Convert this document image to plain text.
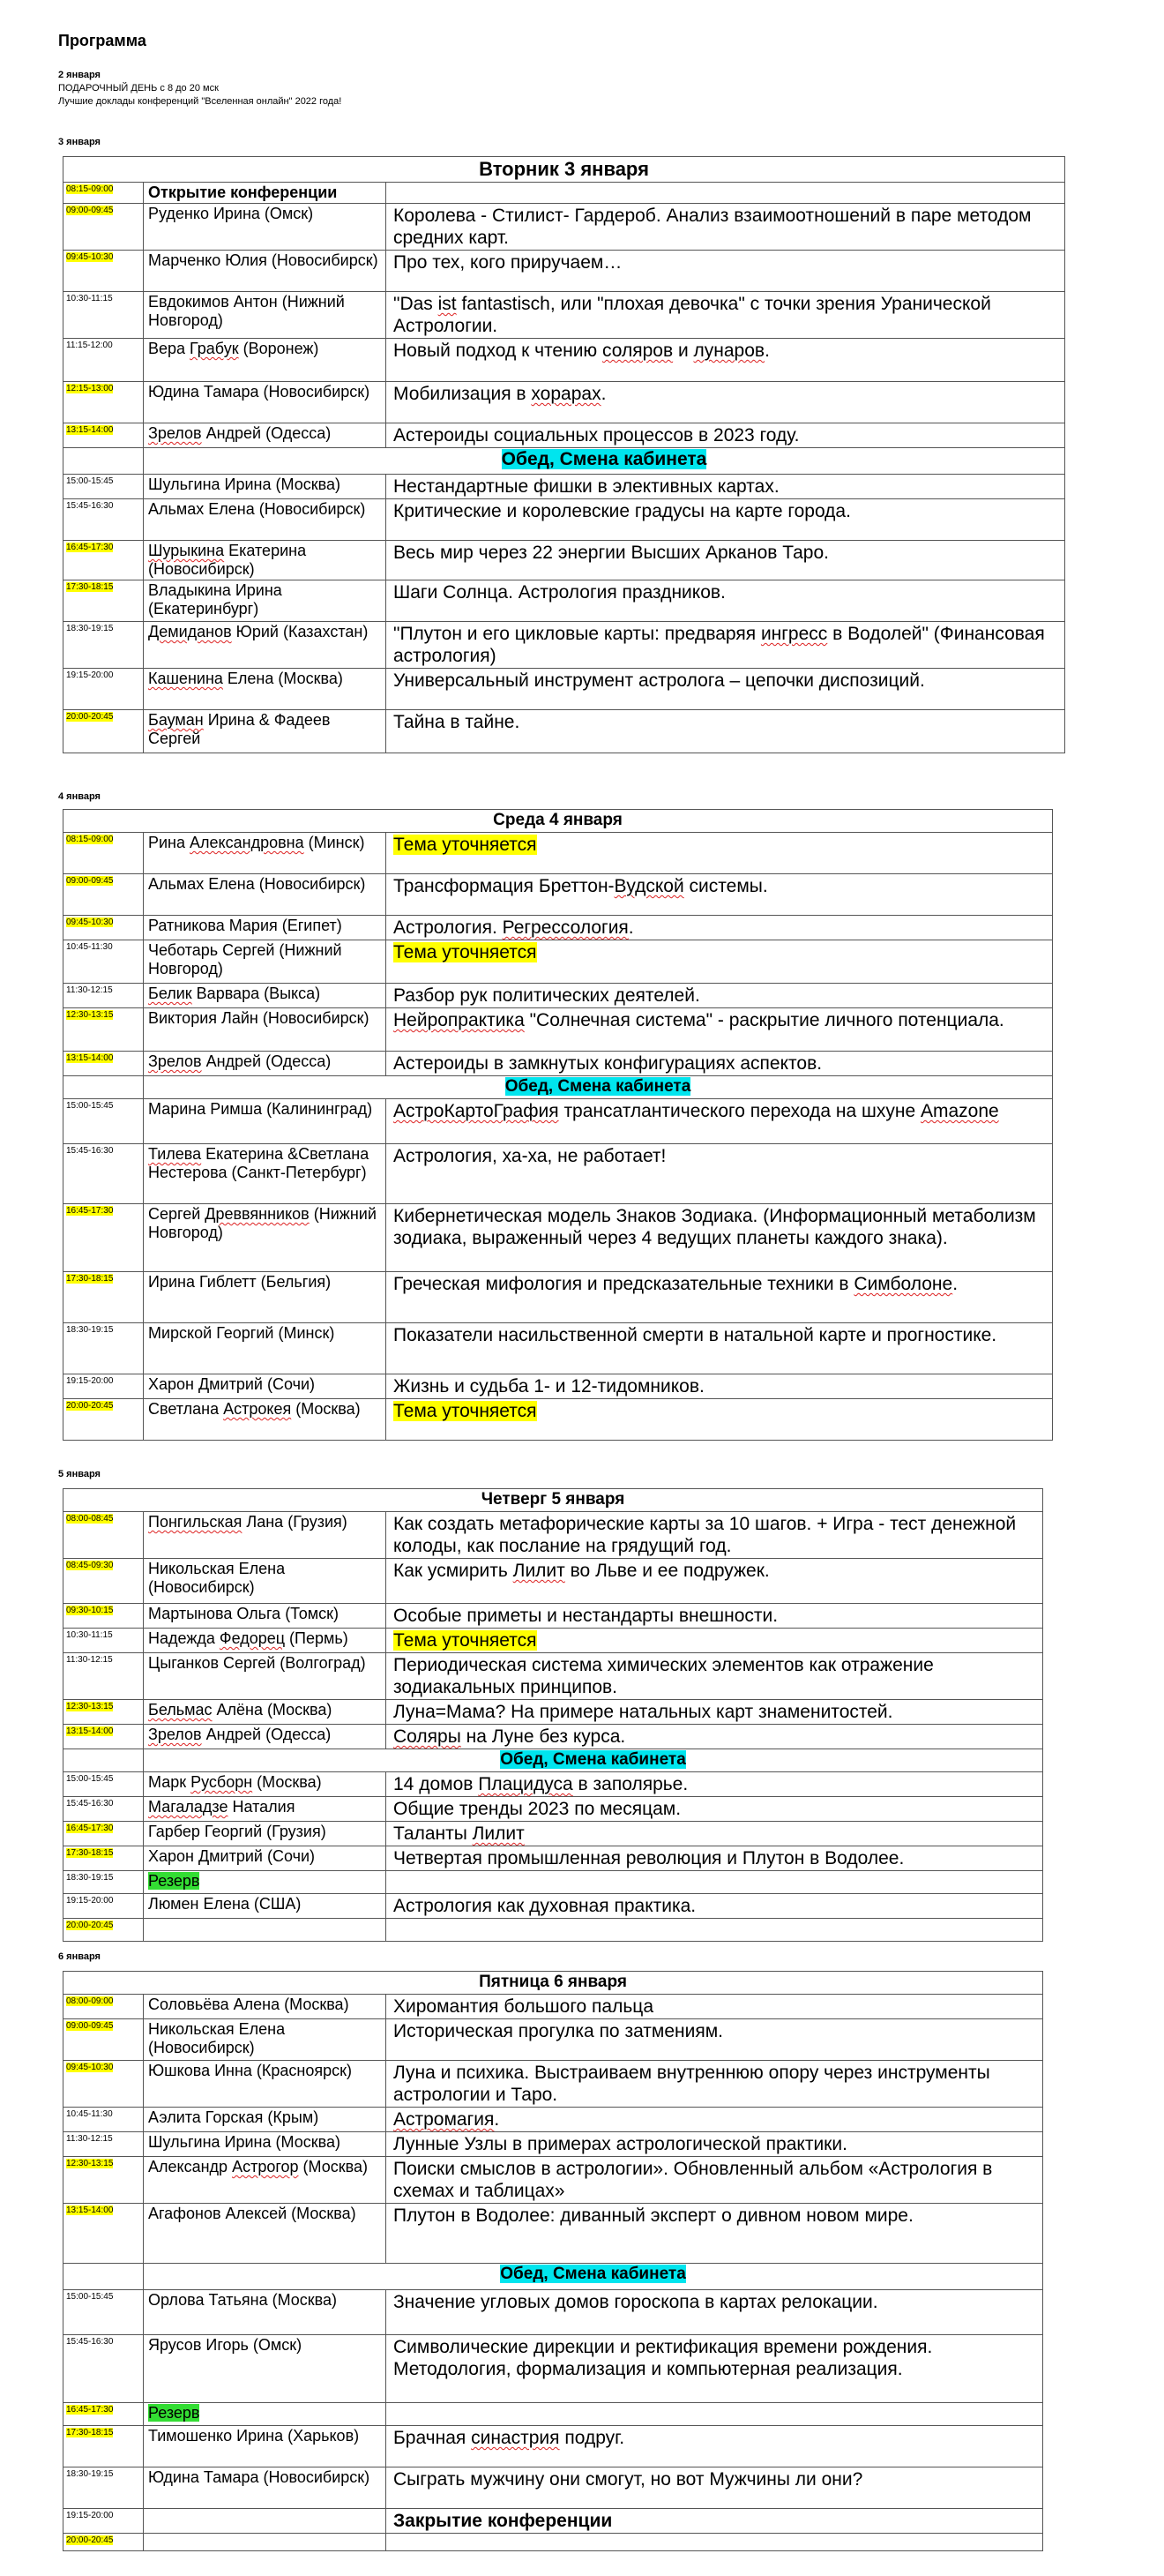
Программа
2 января
ПОДАРОЧНЫЙ ДЕНЬ с 8 до 20 мск
Лучшие доклады конференций "Вселенная онлайн" 2022 года!
3 января
Вторник 3 января		
08:15-09:00	Открытие конференции	
09:00-09:45	Руденко Ирина (Омск)	Королева - Стилист- Гардероб. Анализ взаимоотношений в паре методом средних карт.
09:45-10:30	Марченко Юлия (Новосибирск)	Про тех, кого приручаем…
10:30-11:15	Евдокимов Антон (Нижний Новгород)	"Das ist fantastisch, или "плохая девочка" с точки зрения Уранической Астрологии.
11:15-12:00	Вера Грабук (Воронеж)	Новый подход к чтению соляров и лунаров.
12:15-13:00	Юдина Тамара (Новосибирск)	Мобилизация в хорарах.
13:15-14:00	Зрелов Андрей (Одесса)	Астероиды социальных процессов в 2023 году.
	Обед, Смена кабинета	
15:00-15:45	Шульгина Ирина (Москва)	Нестандартные фишки в элективных картах.
15:45-16:30	Альмах Елена (Новосибирск)	Критические и королевские градусы на карте города.
16:45-17:30	Шурыкина Екатерина (Новосибирск)	Весь мир через 22 энергии Высших Арканов Таро.
17:30-18:15	Владыкина Ирина (Екатеринбург)	Шаги Солнца. Астрология праздников.
18:30-19:15	Демиданов Юрий (Казахстан)	"Плутон и его цикловые карты: предваряя ингресс в Водолей" (Финансовая астрология)
19:15-20:00	Кашенина Елена (Москва)	Универсальный инструмент астролога – цепочки диспозиций.
20:00-20:45	Бауман Ирина & Фадеев Сергей	Тайна в тайне.
4 января
Среда 4 января		
08:15-09:00	Рина Александровна (Минск)	Тема уточняется
09:00-09:45	Альмах Елена (Новосибирск)	Трансформация Бреттон-Вудской системы.
09:45-10:30	Ратникова Мария (Египет)	Астрология. Регрессология.
10:45-11:30	Чеботарь Сергей (Нижний Новгород)	Тема уточняется
11:30-12:15	Белик Варвара (Выкса)	Разбор рук политических деятелей.
12:30-13:15	Виктория Лайн (Новосибирск)	Нейропрактика "Солнечная система" - раскрытие личного потенциала.
13:15-14:00	Зрелов Андрей (Одесса)	Астероиды в замкнутых конфигурациях аспектов.
	Обед, Смена кабинета	
15:00-15:45	Марина Римша (Калининград)	АстроКартоГрафия трансатлантического перехода на шхуне Amazone
15:45-16:30	Тилева Екатерина &Светлана Нестерова (Санкт-Петербург)	Астрология, ха-ха, не работает!
16:45-17:30	Сергей Древвянников (Нижний Новгород)	Кибернетическая модель Знаков Зодиака. (Информационный метаболизм зодиака, выраженный через 4 ведущих планеты каждого знака).
17:30-18:15	Ирина Гиблетт (Бельгия)	Греческая мифология и предсказательные техники в Симболоне.
18:30-19:15	Мирской Георгий (Минск)	Показатели насильственной смерти в натальной карте и прогностике.
19:15-20:00	Харон Дмитрий (Сочи)	Жизнь и судьба 1- и 12-тидомников.
20:00-20:45	Светлана Астрокея (Москва)	Тема уточняется
5 января
Четверг 5 января		
08:00-08:45	Понгильская Лана (Грузия)	Как создать метафорические карты за 10 шагов. + Игра - тест денежной колоды, как послание на грядущий год.
08:45-09:30	Никольская Елена (Новосибирск)	Как усмирить Лилит во Льве и ее подружек.
09:30-10:15	Мартынова Ольга (Томск)	Особые приметы и нестандарты внешности.
10:30-11:15	Надежда Федорец (Пермь)	Тема уточняется
11:30-12:15	Цыганков Сергей (Волгоград)	Периодическая система химических элементов как отражение зодиакальных принципов.
12:30-13:15	Бельмас Алёна (Москва)	Луна=Мама? На примере натальных карт знаменитостей.
13:15-14:00	Зрелов Андрей (Одесса)	Соляры на Луне без курса.
	Обед, Смена кабинета	
15:00-15:45	Марк Русборн (Москва)	14 домов Плацидуса в заполярье.
15:45-16:30	Магаладзе Наталия	Общие тренды 2023 по месяцам.
16:45-17:30	Гарбер Георгий (Грузия)	Таланты Лилит
17:30-18:15	Харон Дмитрий (Сочи)	Четвертая промышленная революция и Плутон в Водолее.
18:30-19:15	Резерв	
19:15-20:00	Люмен Елена (США)	Астрология как духовная практика.
20:00-20:45		
6 января
Пятница 6 января		
08:00-09:00	Соловьёва Алена (Москва)	Хиромантия большого пальца
09:00-09:45	Никольская Елена (Новосибирск)	Историческая прогулка по затмениям.
09:45-10:30	Юшкова Инна (Красноярск)	Луна и психика. Выстраиваем внутреннюю опору через инструменты астрологии и Таро.
10:45-11:30	Аэлита Горская (Крым)	Астромагия.
11:30-12:15	Шульгина Ирина (Москва)	Лунные Узлы в примерах астрологической практики.
12:30-13:15	Александр Астрогор (Москва)	Поиски смыслов в астрологии». Обновленный альбом «Астрология в схемах и таблицах»
13:15-14:00	Агафонов Алексей (Москва)	Плутон в Водолее: диванный эксперт о дивном новом мире.
	Обед, Смена кабинета	
15:00-15:45	Орлова Татьяна (Москва)	Значение угловых домов гороскопа в картах релокации.
15:45-16:30	Ярусов Игорь (Омск)	Символические дирекции и ректификация времени рождения. Методология, формализация и компьютерная реализация.
16:45-17:30	Резерв	
17:30-18:15	Тимошенко Ирина (Харьков)	Брачная синастрия подруг.
18:30-19:15	Юдина Тамара (Новосибирск)	Сыграть мужчину они смогут, но вот Мужчины ли они?
19:15-20:00		Закрытие конференции
20:00-20:45		
